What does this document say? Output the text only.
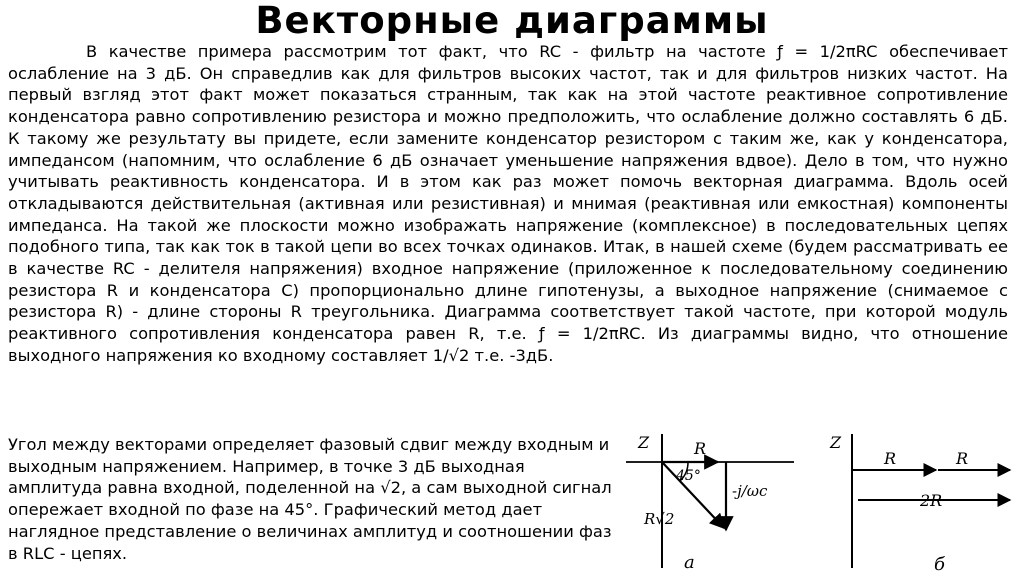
Векторные диаграммы

В качестве примера рассмотрим тот факт, что RC - фильтр на частоте ƒ = 1/2πRC обеспечивает ослабление на 3 дБ. Он справедлив как для фильтров высоких частот, так и для фильтров низких частот. На первый взгляд этот факт может показаться странным, так как на этой частоте реактивное сопротивление конденсатора равно сопротивлению резистора и можно предположить, что ослабление должно составлять 6 дБ. К такому же результату вы придете, если замените конденсатор резистором с таким же, как у конденсатора, импедансом (напомним, что ослабление 6 дБ означает уменьшение напряжения вдвое). Дело в том, что нужно учитывать реактивность конденсатора. И в этом как раз может помочь векторная диаграмма. Вдоль осей откладываются действительная (активная или резистивная) и мнимая (реактивная или емкостная) компоненты импеданса. На такой же плоскости можно изображать напряжение (комплексное) в последовательных цепях подобного типа, так как ток в такой цепи во всех точках одинаков. Итак, в нашей схеме (будем рассматривать ее в качестве RC - делителя напряжения) входное напряжение (приложенное к последовательному соединению резистора R и конденсатора C) пропорционально длине гипотенузы, а выходное напряжение (снимаемое с резистора R) - длине стороны R треугольника. Диаграмма соответствует такой частоте, при которой модуль реактивного сопротивления конденсатора равен R, т.е. ƒ = 1/2πRC. Из диаграммы видно, что отношение выходного напряжения ко входному составляет 1/√2 т.е. -3дБ.

Угол между векторами определяет фазовый сдвиг между входным и выходным напряжением. Например, в точке 3 дБ выходная амплитуда равна входной, поделенной на √2, а сам выходной сигнал опережает входной по фазе на 45°. Графический метод дает наглядное представление о величинах амплитуд и соотношении фаз в RLC - цепях.

Z	R
45°
-j/ωc
R√2
а
Z
R	R
2R
б
